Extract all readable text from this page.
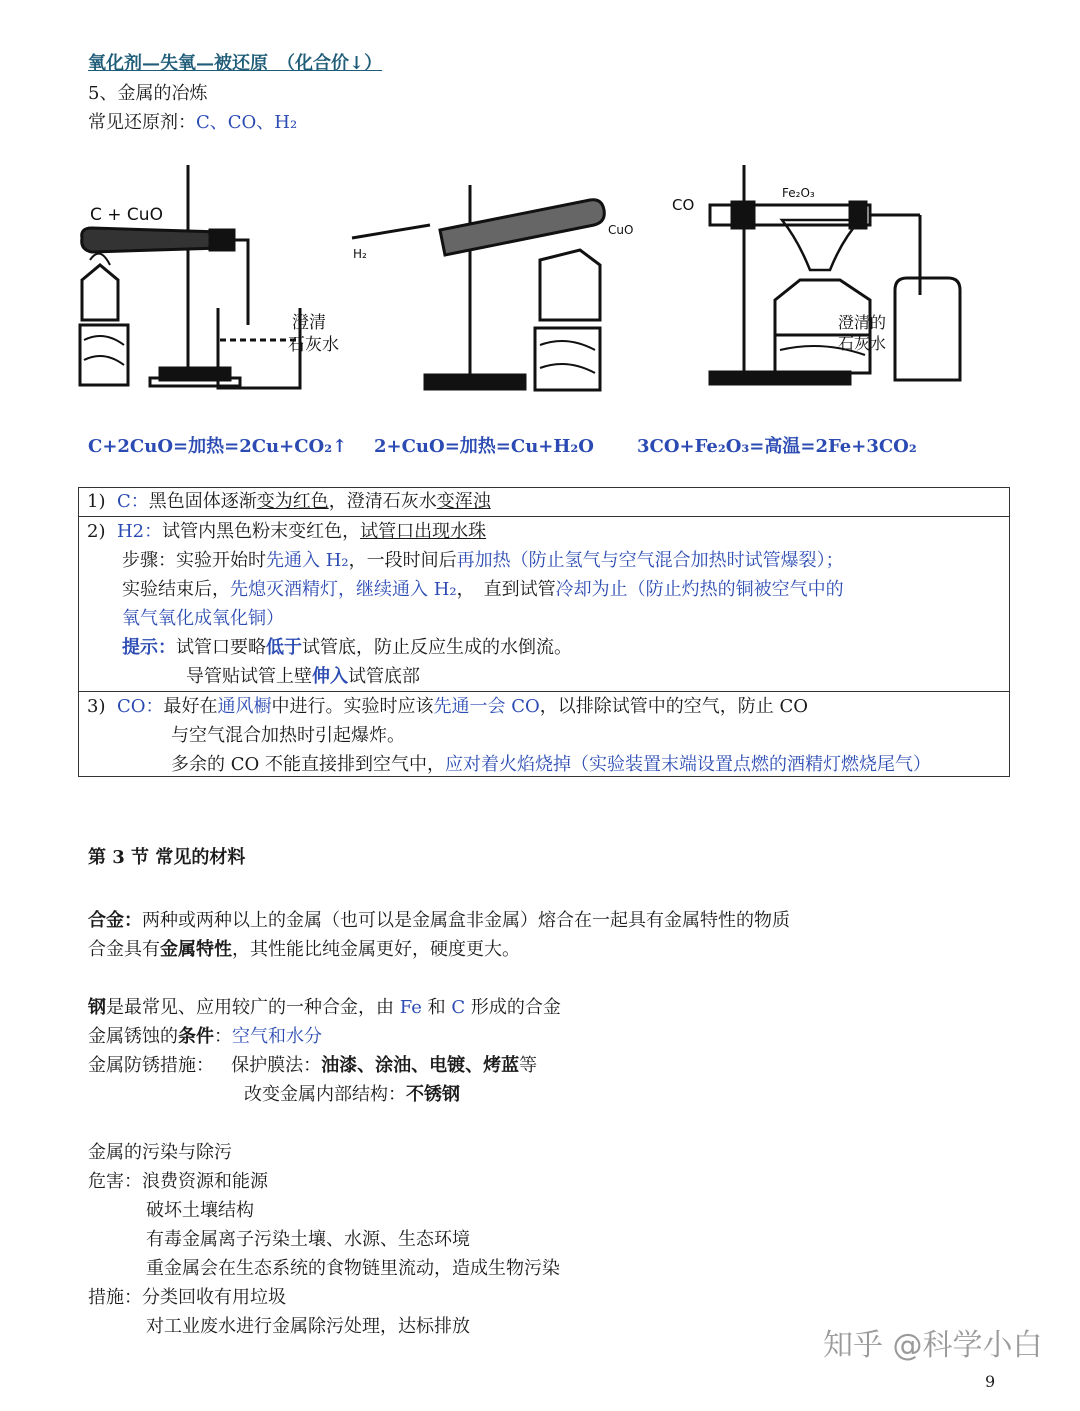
氧化剂—失氧—被还原　（化合价↓）
5、金属的冶炼
常见还原剂：C、CO、H₂
C + CuO
澄清
石灰水
H₂
CuO
CO
Fe₂O₃
澄清的
石灰水
C+2CuO=加热=2Cu+CO₂↑ 2+CuO=加热=Cu+H₂O 3CO+Fe₂O₃=高温=2Fe+3CO₂
1) C：黑色固体逐渐变为红色，澄清石灰水变浑浊
2) H2：试管内黑色粉末变红色，试管口出现水珠
步骤：实验开始时先通入 H₂，一段时间后再加热（防止氢气与空气混合加热时试管爆裂）；
实验结束后，先熄灭酒精灯，继续通入 H₂，　直到试管冷却为止（防止灼热的铜被空气中的
氧气氧化成氧化铜）
提示：试管口要略低于试管底，防止反应生成的水倒流。
导管贴试管上壁伸入试管底部
3) CO：最好在通风橱中进行。实验时应该先通一会 CO，以排除试管中的空气，防止 CO
与空气混合加热时引起爆炸。
多余的 CO 不能直接排到空气中，应对着火焰烧掉（实验装置末端设置点燃的酒精灯燃烧尾气）
第 3 节 常见的材料
合金：两种或两种以上的金属（也可以是金属盒非金属）熔合在一起具有金属特性的物质
合金具有金属特性，其性能比纯金属更好，硬度更大。
钢是最常见、应用较广的一种合金，由 Fe 和 C 形成的合金
金属锈蚀的条件：空气和水分
金属防锈措施： 保护膜法：油漆、涂油、电镀、烤蓝等
改变金属内部结构：不锈钢
金属的污染与除污
危害：浪费资源和能源
破坏土壤结构
有毒金属离子污染土壤、水源、生态环境
重金属会在生态系统的食物链里流动，造成生物污染
措施：分类回收有用垃圾
对工业废水进行金属除污处理，达标排放
知乎 @科学小白
9
